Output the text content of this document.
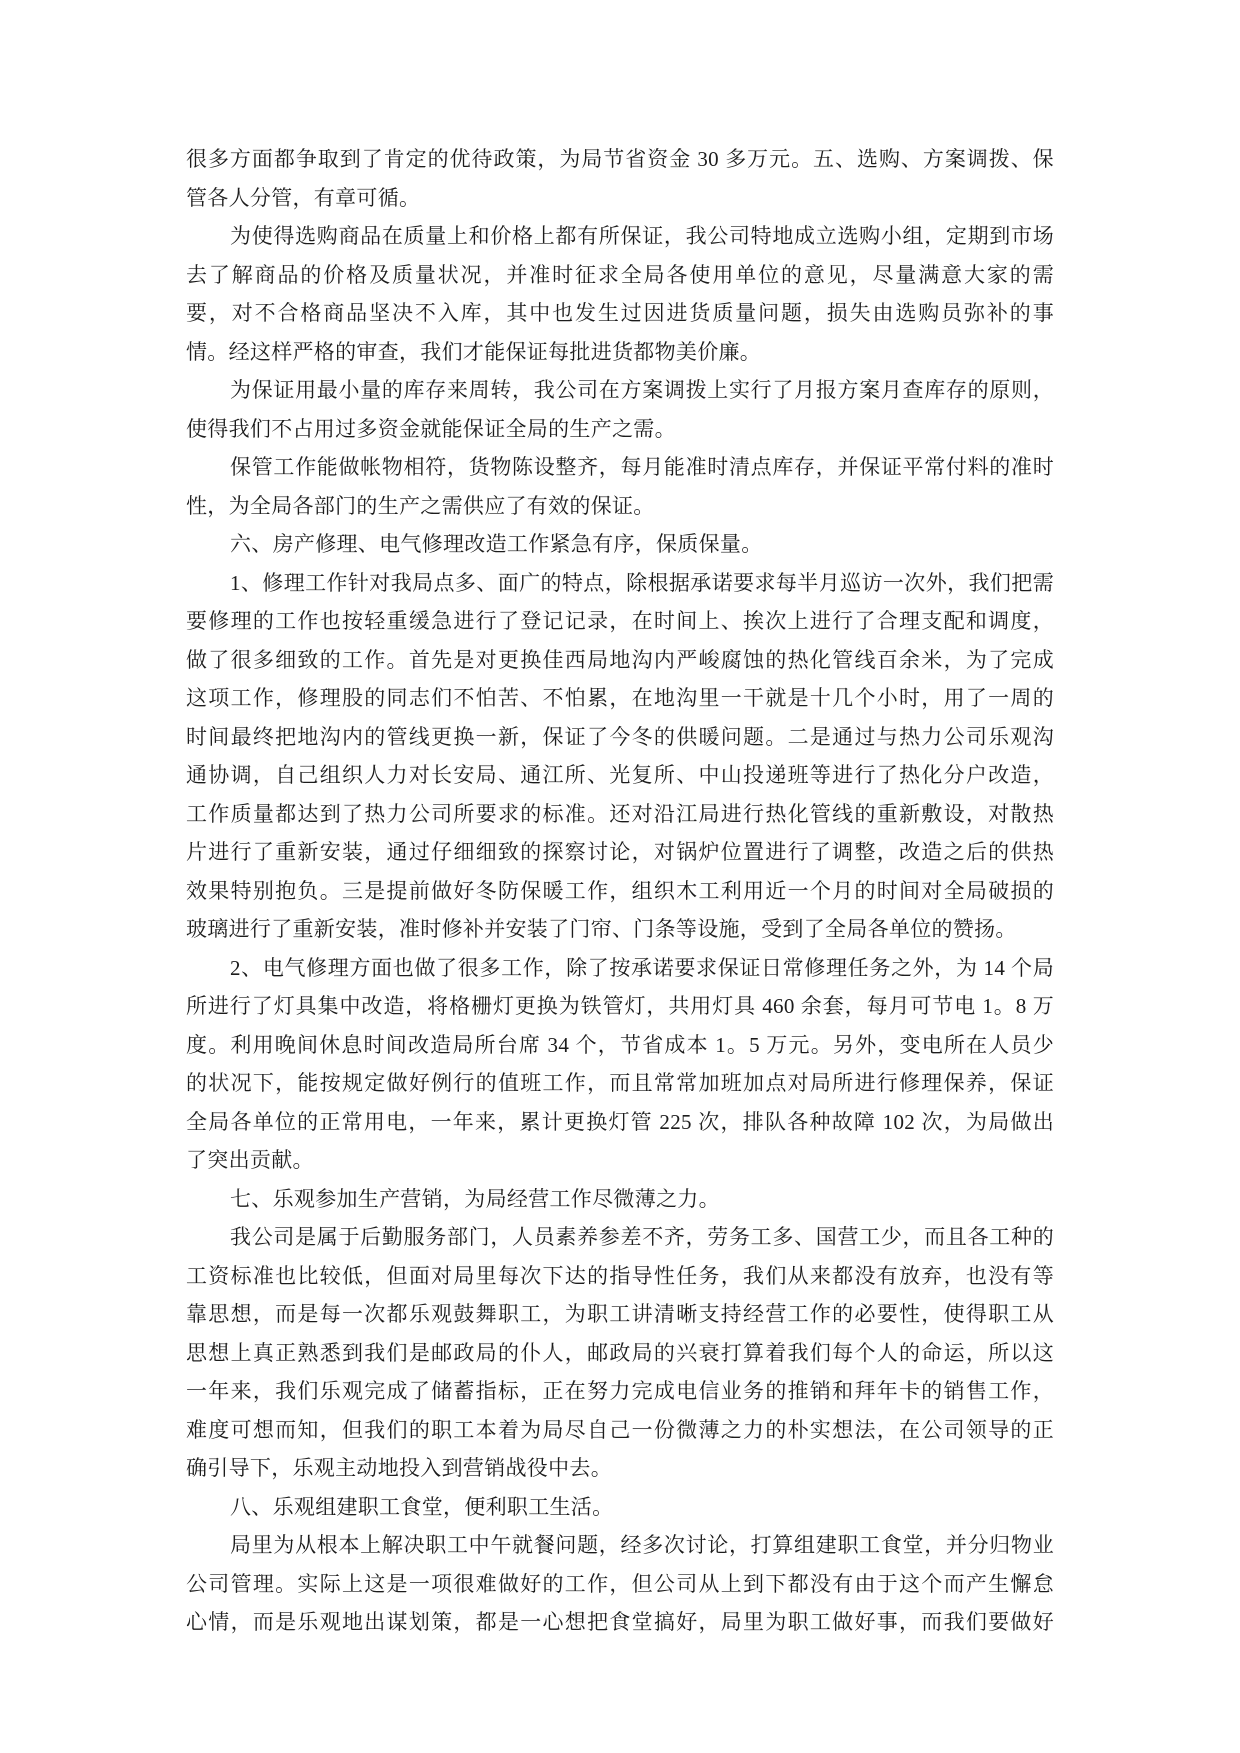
很多方面都争取到了肯定的优待政策，为局节省资金 30 多万元。五、选购、方案调拨、保
管各人分管，有章可循。
为使得选购商品在质量上和价格上都有所保证，我公司特地成立选购小组，定期到市场
去了解商品的价格及质量状况，并准时征求全局各使用单位的意见，尽量满意大家的需
要，对不合格商品坚决不入库，其中也发生过因进货质量问题，损失由选购员弥补的事
情。经这样严格的审查，我们才能保证每批进货都物美价廉。
为保证用最小量的库存来周转，我公司在方案调拨上实行了月报方案月查库存的原则，
使得我们不占用过多资金就能保证全局的生产之需。
保管工作能做帐物相符，货物陈设整齐，每月能准时清点库存，并保证平常付料的准时
性，为全局各部门的生产之需供应了有效的保证。
六、房产修理、电气修理改造工作紧急有序，保质保量。
1、修理工作针对我局点多、面广的特点，除根据承诺要求每半月巡访一次外，我们把需
要修理的工作也按轻重缓急进行了登记记录，在时间上、挨次上进行了合理支配和调度，
做了很多细致的工作。首先是对更换佳西局地沟内严峻腐蚀的热化管线百余米，为了完成
这项工作，修理股的同志们不怕苦、不怕累，在地沟里一干就是十几个小时，用了一周的
时间最终把地沟内的管线更换一新，保证了今冬的供暖问题。二是通过与热力公司乐观沟
通协调，自己组织人力对长安局、通江所、光复所、中山投递班等进行了热化分户改造，
工作质量都达到了热力公司所要求的标准。还对沿江局进行热化管线的重新敷设，对散热
片进行了重新安装，通过仔细细致的探察讨论，对锅炉位置进行了调整，改造之后的供热
效果特别抱负。三是提前做好冬防保暖工作，组织木工利用近一个月的时间对全局破损的
玻璃进行了重新安装，准时修补并安装了门帘、门条等设施，受到了全局各单位的赞扬。
2、电气修理方面也做了很多工作，除了按承诺要求保证日常修理任务之外，为 14 个局
所进行了灯具集中改造，将格栅灯更换为铁管灯，共用灯具 460 余套，每月可节电 1。8 万
度。利用晚间休息时间改造局所台席 34 个，节省成本 1。5 万元。另外，变电所在人员少
的状况下，能按规定做好例行的值班工作，而且常常加班加点对局所进行修理保养，保证
全局各单位的正常用电，一年来，累计更换灯管 225 次，排队各种故障 102 次，为局做出
了突出贡献。
七、乐观参加生产营销，为局经营工作尽微薄之力。
我公司是属于后勤服务部门，人员素养参差不齐，劳务工多、国营工少，而且各工种的
工资标准也比较低，但面对局里每次下达的指导性任务，我们从来都没有放弃，也没有等
靠思想，而是每一次都乐观鼓舞职工，为职工讲清晰支持经营工作的必要性，使得职工从
思想上真正熟悉到我们是邮政局的仆人，邮政局的兴衰打算着我们每个人的命运，所以这
一年来，我们乐观完成了储蓄指标，正在努力完成电信业务的推销和拜年卡的销售工作，
难度可想而知，但我们的职工本着为局尽自己一份微薄之力的朴实想法，在公司领导的正
确引导下，乐观主动地投入到营销战役中去。
八、乐观组建职工食堂，便利职工生活。
局里为从根本上解决职工中午就餐问题，经多次讨论，打算组建职工食堂，并分归物业
公司管理。实际上这是一项很难做好的工作，但公司从上到下都没有由于这个而产生懈怠
心情，而是乐观地出谋划策，都是一心想把食堂搞好，局里为职工做好事，而我们要做好
